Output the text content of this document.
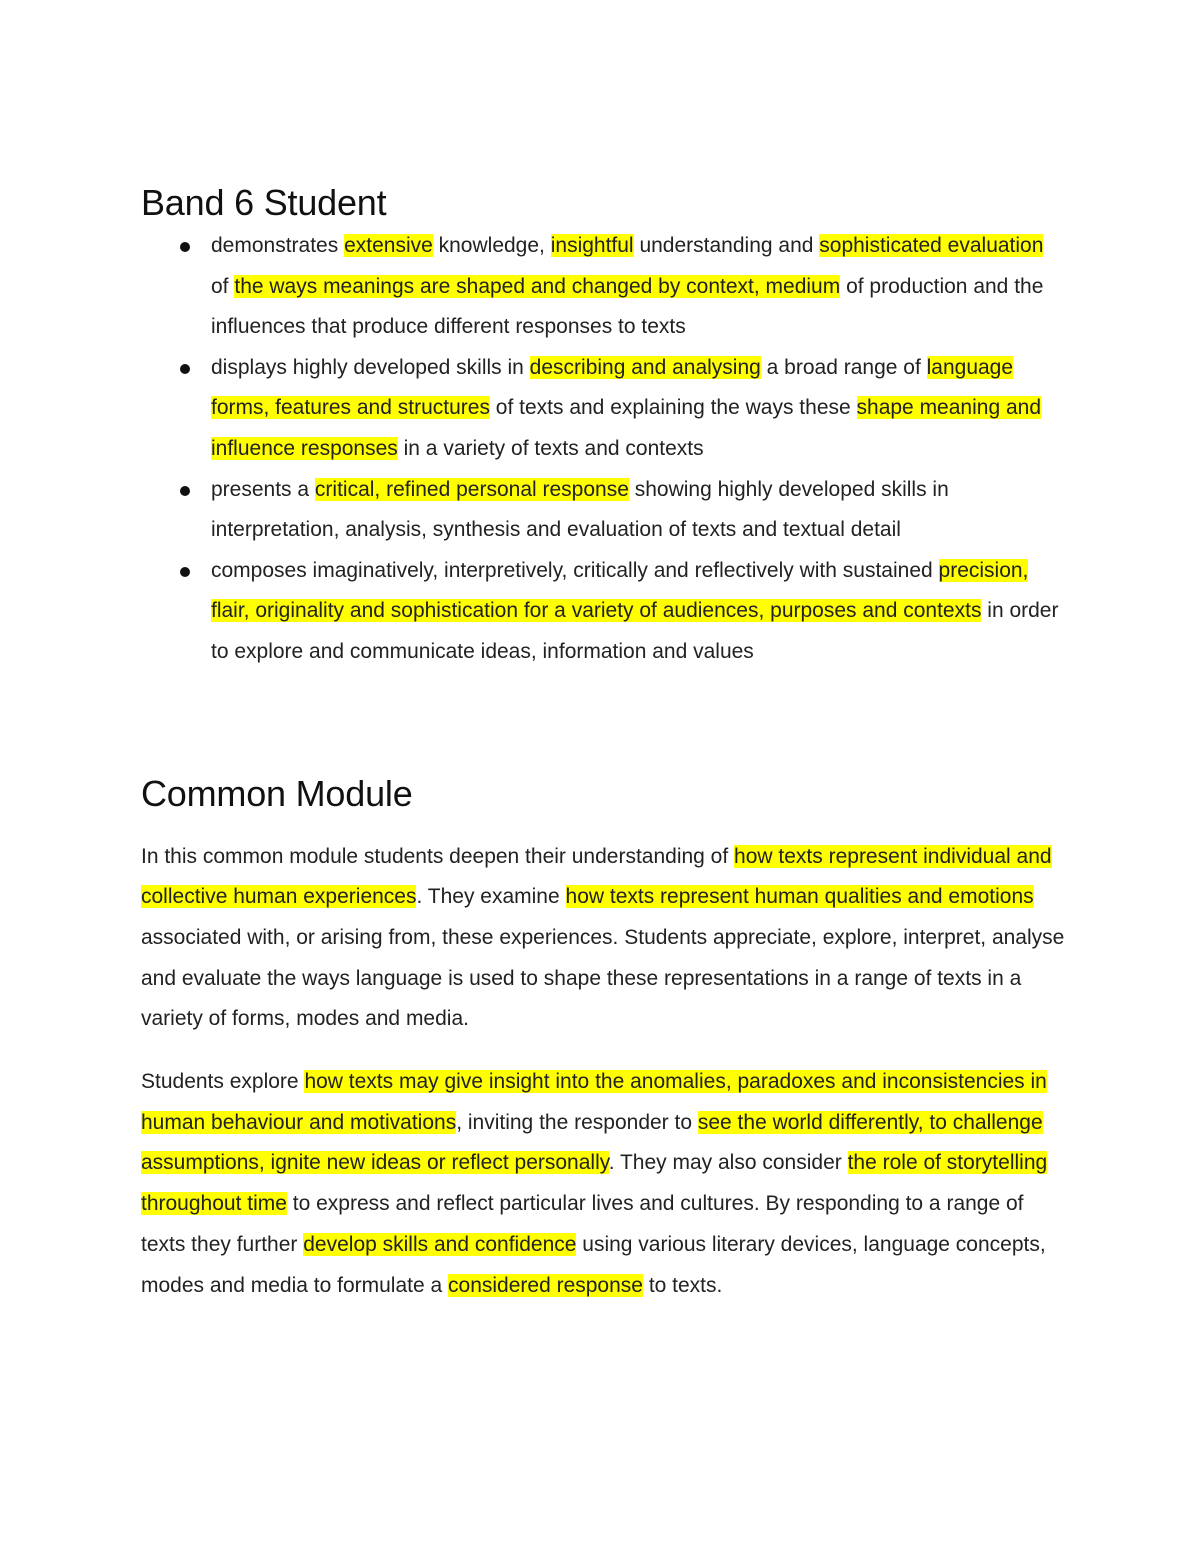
Band 6 Student
demonstrates extensive knowledge, insightful understanding and sophisticated evaluation of the ways meanings are shaped and changed by context, medium of production and the influences that produce different responses to texts
displays highly developed skills in describing and analysing a broad range of language forms, features and structures of texts and explaining the ways these shape meaning and influence responses in a variety of texts and contexts
presents a critical, refined personal response showing highly developed skills in interpretation, analysis, synthesis and evaluation of texts and textual detail
composes imaginatively, interpretively, critically and reflectively with sustained precision, flair, originality and sophistication for a variety of audiences, purposes and contexts in order to explore and communicate ideas, information and values
Common Module

In this common module students deepen their understanding of how texts represent individual and collective human experiences. They examine how texts represent human qualities and emotions associated with, or arising from, these experiences. Students appreciate, explore, interpret, analyse and evaluate the ways language is used to shape these representations in a range of texts in a variety of forms, modes and media.

Students explore how texts may give insight into the anomalies, paradoxes and inconsistencies in human behaviour and motivations, inviting the responder to see the world differently, to challenge assumptions, ignite new ideas or reflect personally. They may also consider the role of storytelling throughout time to express and reflect particular lives and cultures. By responding to a range of texts they further develop skills and confidence using various literary devices, language concepts, modes and media to formulate a considered response to texts.
